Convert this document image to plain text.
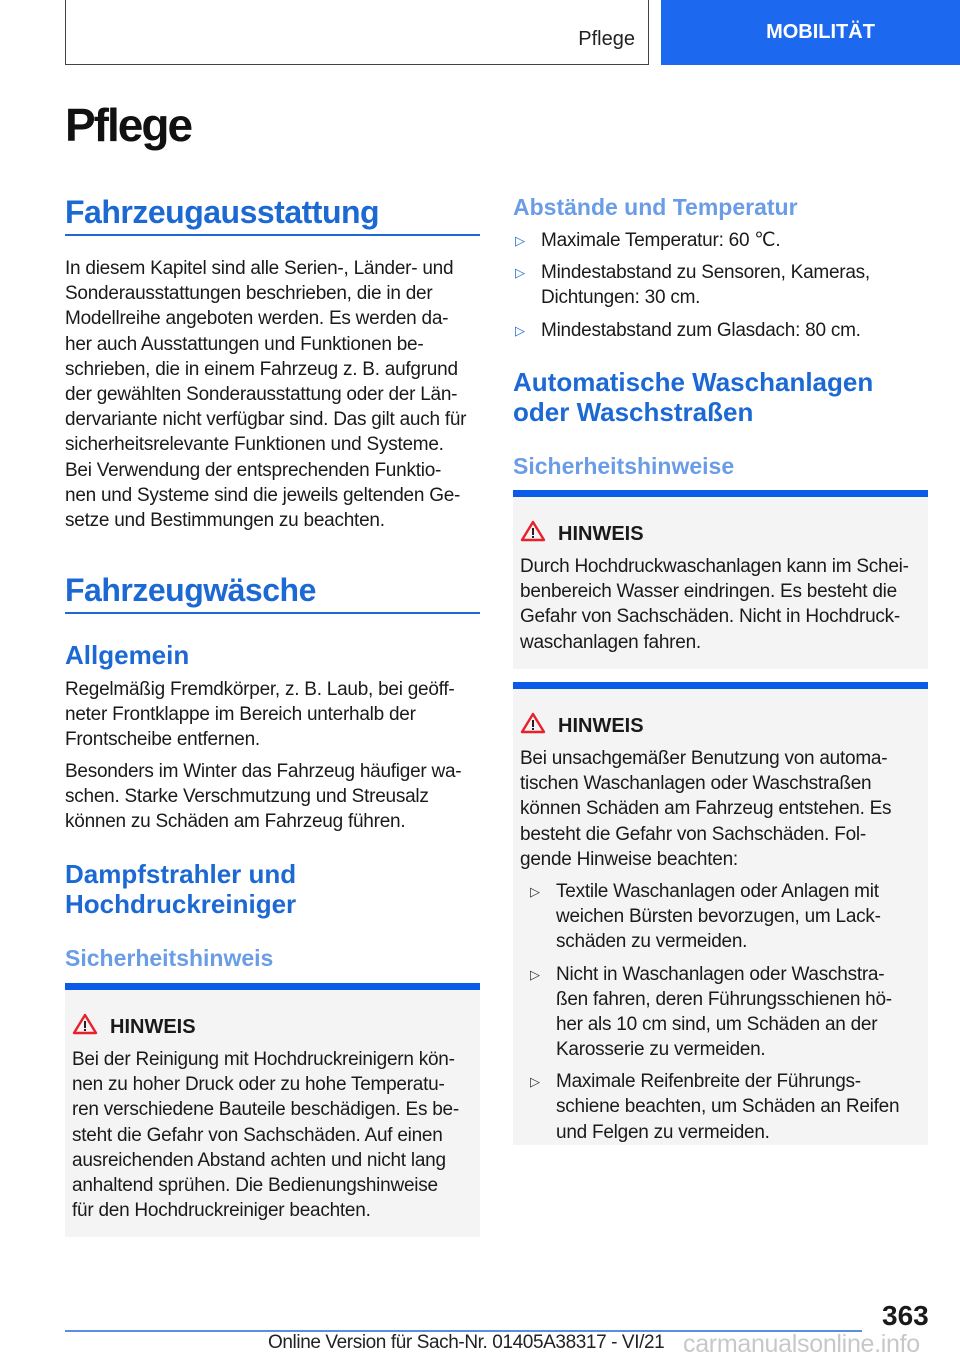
Pflege	MOBILITÄT
Pflege
Fahrzeugausstattung
In diesem Kapitel sind alle Serien-, Länder- und
Sonderausstattungen beschrieben, die in der
Modellreihe angeboten werden. Es werden da-
her auch Ausstattungen und Funktionen be-
schrieben, die in einem Fahrzeug z. B. aufgrund
der gewählten Sonderausstattung oder der Län-
dervariante nicht verfügbar sind. Das gilt auch für
sicherheitsrelevante Funktionen und Systeme.
Bei Verwendung der entsprechenden Funktio-
nen und Systeme sind die jeweils geltenden Ge-
setze und Bestimmungen zu beachten.
Fahrzeugwäsche
Allgemein
Regelmäßig Fremdkörper, z. B. Laub, bei geöff-
neter Frontklappe im Bereich unterhalb der
Frontscheibe entfernen.
Besonders im Winter das Fahrzeug häufiger wa-
schen. Starke Verschmutzung und Streusalz
können zu Schäden am Fahrzeug führen.
Dampfstrahler und
Hochdruckreiniger
Sicherheitshinweis
HINWEIS
Bei der Reinigung mit Hochdruckreinigern kön-
nen zu hoher Druck oder zu hohe Temperatu-
ren verschiedene Bauteile beschädigen. Es be-
steht die Gefahr von Sachschäden. Auf einen
ausreichenden Abstand achten und nicht lang
anhaltend sprühen. Die Bedienungshinweise
für den Hochdruckreiniger beachten.
Abstände und Temperatur
▷ Maximale Temperatur: 60 ℃.
▷ Mindestabstand zu Sensoren, Kameras,
Dichtungen: 30 cm.
▷ Mindestabstand zum Glasdach: 80 cm.
Automatische Waschanlagen
oder Waschstraßen
Sicherheitshinweise
HINWEIS
Durch Hochdruckwaschanlagen kann im Schei-
benbereich Wasser eindringen. Es besteht die
Gefahr von Sachschäden. Nicht in Hochdruck-
waschanlagen fahren.
HINWEIS
Bei unsachgemäßer Benutzung von automa-
tischen Waschanlagen oder Waschstraßen
können Schäden am Fahrzeug entstehen. Es
besteht die Gefahr von Sachschäden. Fol-
gende Hinweise beachten:
▷ Textile Waschanlagen oder Anlagen mit
weichen Bürsten bevorzugen, um Lack-
schäden zu vermeiden.
▷ Nicht in Waschanlagen oder Waschstra-
ßen fahren, deren Führungsschienen hö-
her als 10 cm sind, um Schäden an der
Karosserie zu vermeiden.
▷ Maximale Reifenbreite der Führungs-
schiene beachten, um Schäden an Reifen
und Felgen zu vermeiden.
363
Online Version für Sach-Nr. 01405A38317 - VI/21 carmanualsonline.info
